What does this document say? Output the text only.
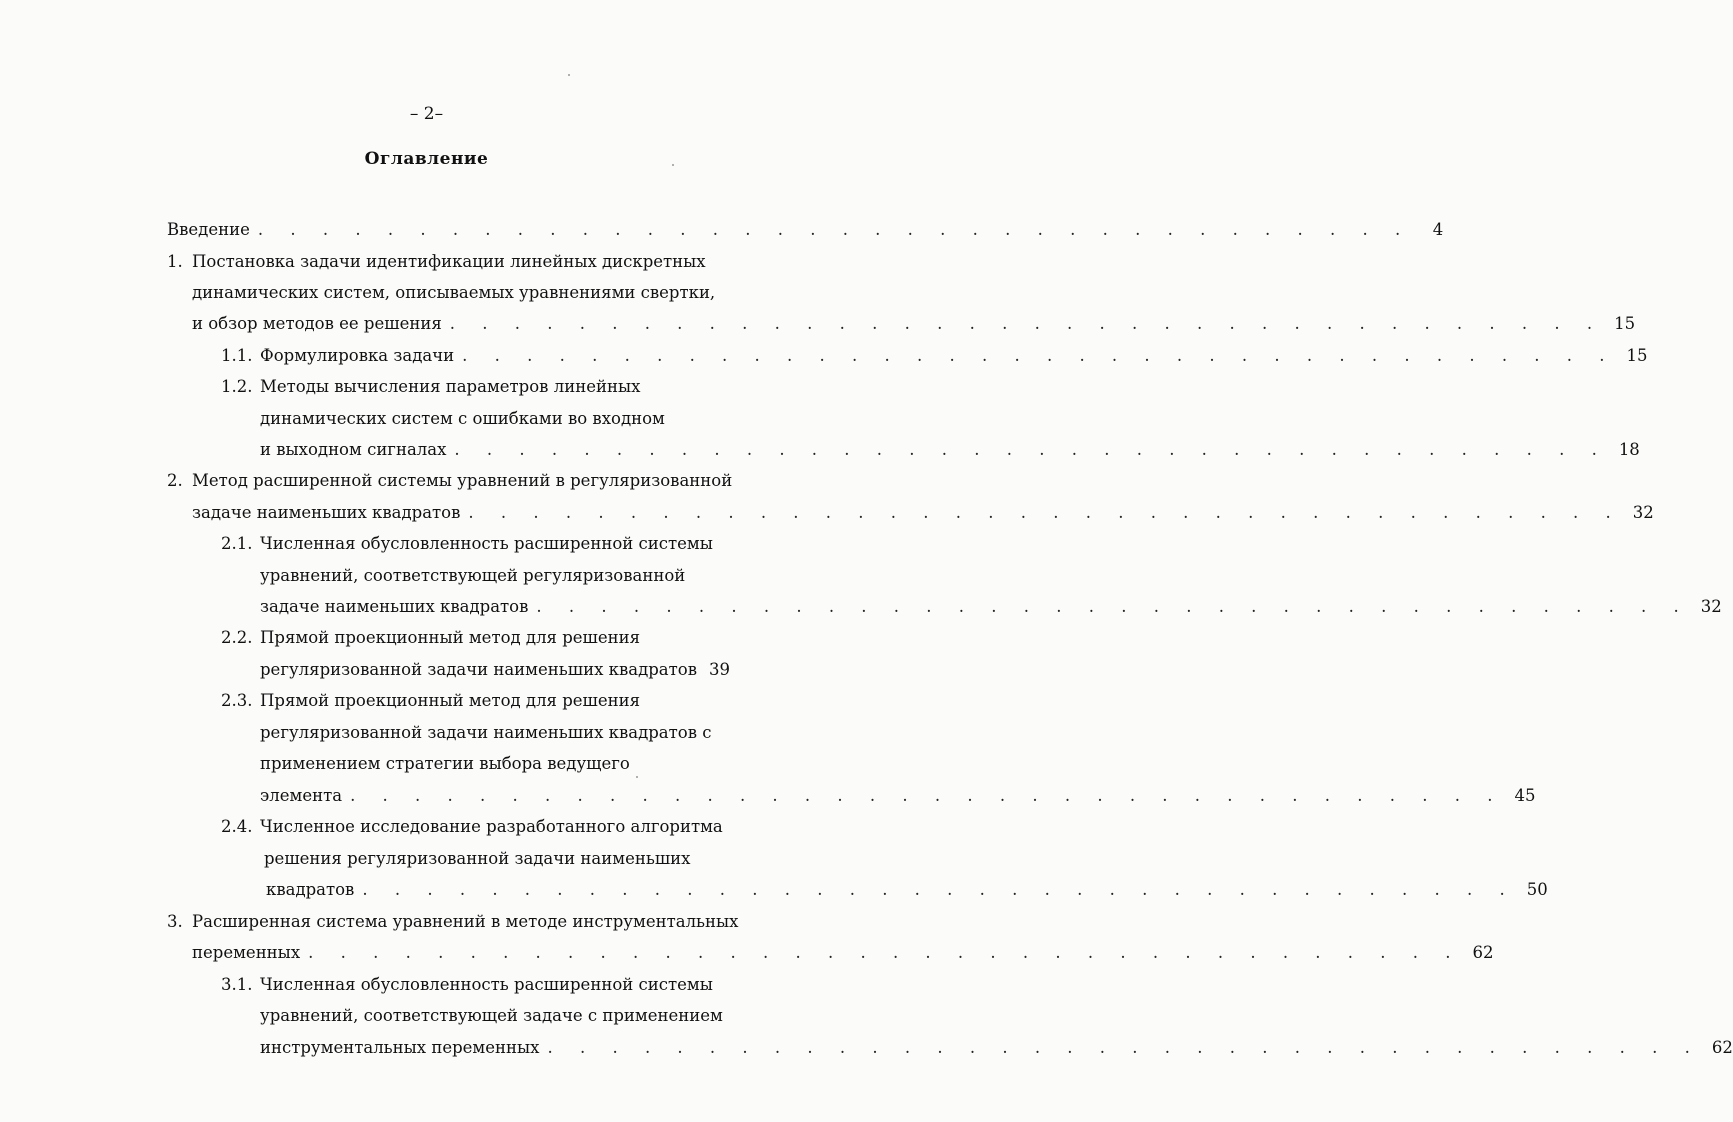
– 2–
Оглавление
Введение . . . . . . . . . . . . . . . . . . . . . . . . . . . . . . . . . . . .	4
1. Постановка задачи идентификации линейных дискретных
динамических систем, описываемых уравнениями свертки,
и обзор методов ее решения . . . . . . . . . . . . . . . . . . . . . . . . . . . . . . . . . . . . 15
1.1. Формулировка задачи . . . . . . . . . . . . . . . . . . . . . . . . . . . . . . . . . . . . 15
1.2. Методы вычисления параметров линейных
динамических систем с ошибками во входном
и выходном сигналах . . . . . . . . . . . . . . . . . . . . . . . . . . . . . . . . . . . . 18
2. Метод расширенной системы уравнений в регуляризованной
задаче наименьших квадратов . . . . . . . . . . . . . . . . . . . . . . . . . . . . . . . . . . . . 32
2.1. Численная обусловленность расширенной системы
уравнений, соответствующей регуляризованной
задаче наименьших квадратов . . . . . . . . . . . . . . . . . . . . . . . . . . . . . . . . . . . . 32
2.2. Прямой проекционный метод для решения
регуляризованной задачи наименьших квадратов 39
2.3. Прямой проекционный метод для решения
регуляризованной задачи наименьших квадратов с
применением стратегии выбора ведущего
элемента . . . . . . . . . . . . . . . . . . . . . . . . . . . . . . . . . . . . 45
2.4. Численное исследование разработанного алгоритма
решения регуляризованной задачи наименьших
квадратов . . . . . . . . . . . . . . . . . . . . . . . . . . . . . . . . . . . . 50
3. Расширенная система уравнений в методе инструментальных
переменных . . . . . . . . . . . . . . . . . . . . . . . . . . . . . . . . . . . . 62
3.1. Численная обусловленность расширенной системы
уравнений, соответствующей задаче с применением
инструментальных переменных . . . . . . . . . . . . . . . . . . . . . . . . . . . . . . . . . . . . 62
